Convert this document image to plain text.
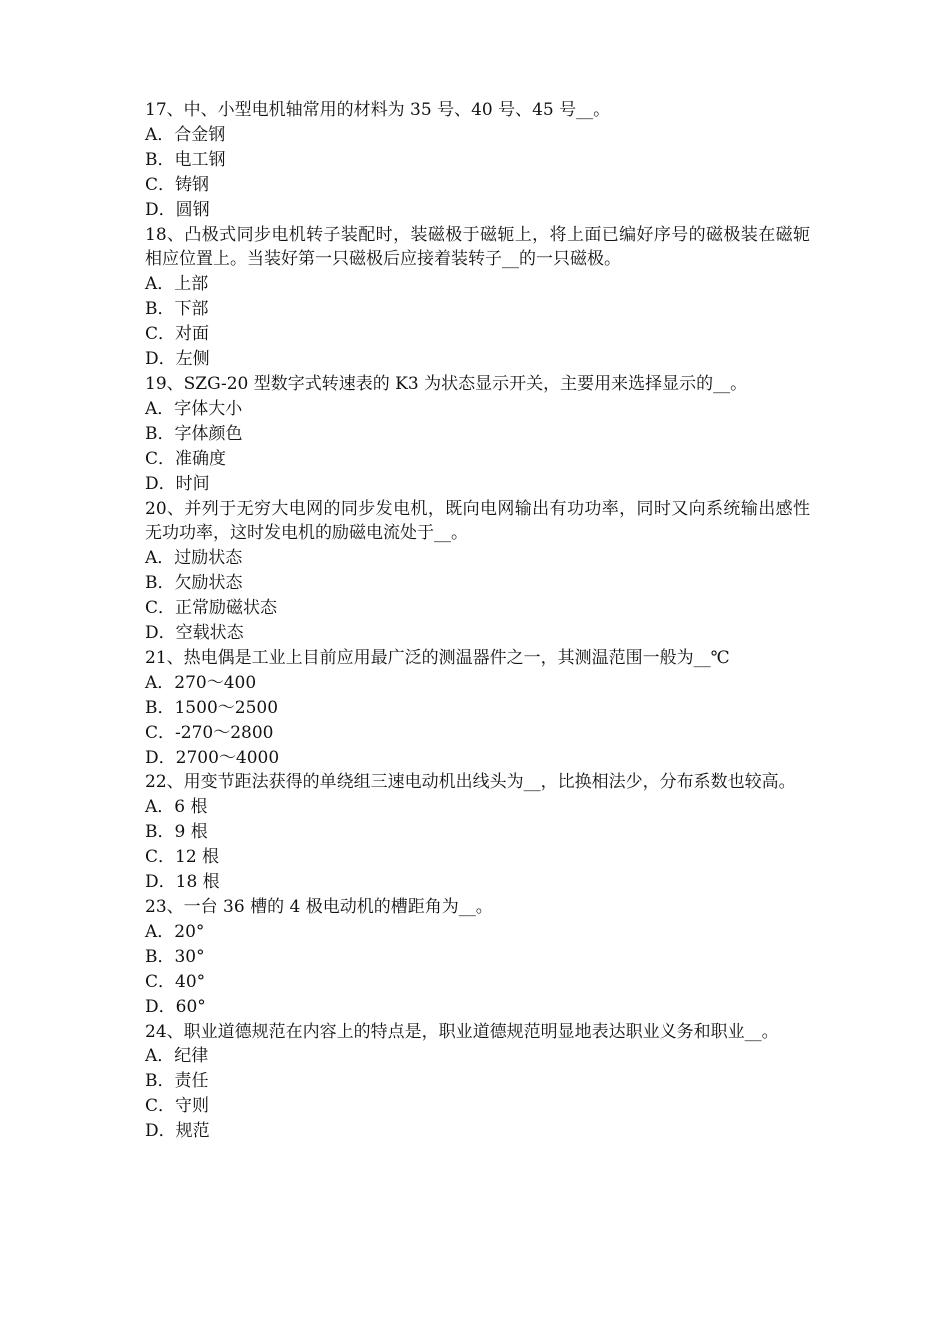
17、中、小型电机轴常用的材料为 35 号、40 号、45 号__。

A．合金钢

B．电工钢

C．铸钢

D．圆钢

18、凸极式同步电机转子装配时，装磁极于磁轭上，将上面已编好序号的磁极装在磁轭相应位置上。当装好第一只磁极后应接着装转子__的一只磁极。

A．上部

B．下部

C．对面

D．左侧

19、SZG-20 型数字式转速表的 K3 为状态显示开关，主要用来选择显示的__。

A．字体大小

B．字体颜色

C．准确度

D．时间

20、并列于无穷大电网的同步发电机，既向电网输出有功功率，同时又向系统输出感性无功功率，这时发电机的励磁电流处于__。

A．过励状态

B．欠励状态

C．正常励磁状态

D．空载状态

21、热电偶是工业上目前应用最广泛的测温器件之一，其测温范围一般为__℃

A．270～400

B．1500～2500

C．-270～2800

D．2700～4000

22、用变节距法获得的单绕组三速电动机出线头为__，比换相法少，分布系数也较高。

A．6 根

B．9 根

C．12 根

D．18 根

23、一台 36 槽的 4 极电动机的槽距角为__。

A．20°

B．30°

C．40°

D．60°

24、职业道德规范在内容上的特点是，职业道德规范明显地表达职业义务和职业__。

A．纪律

B．责任

C．守则

D．规范
